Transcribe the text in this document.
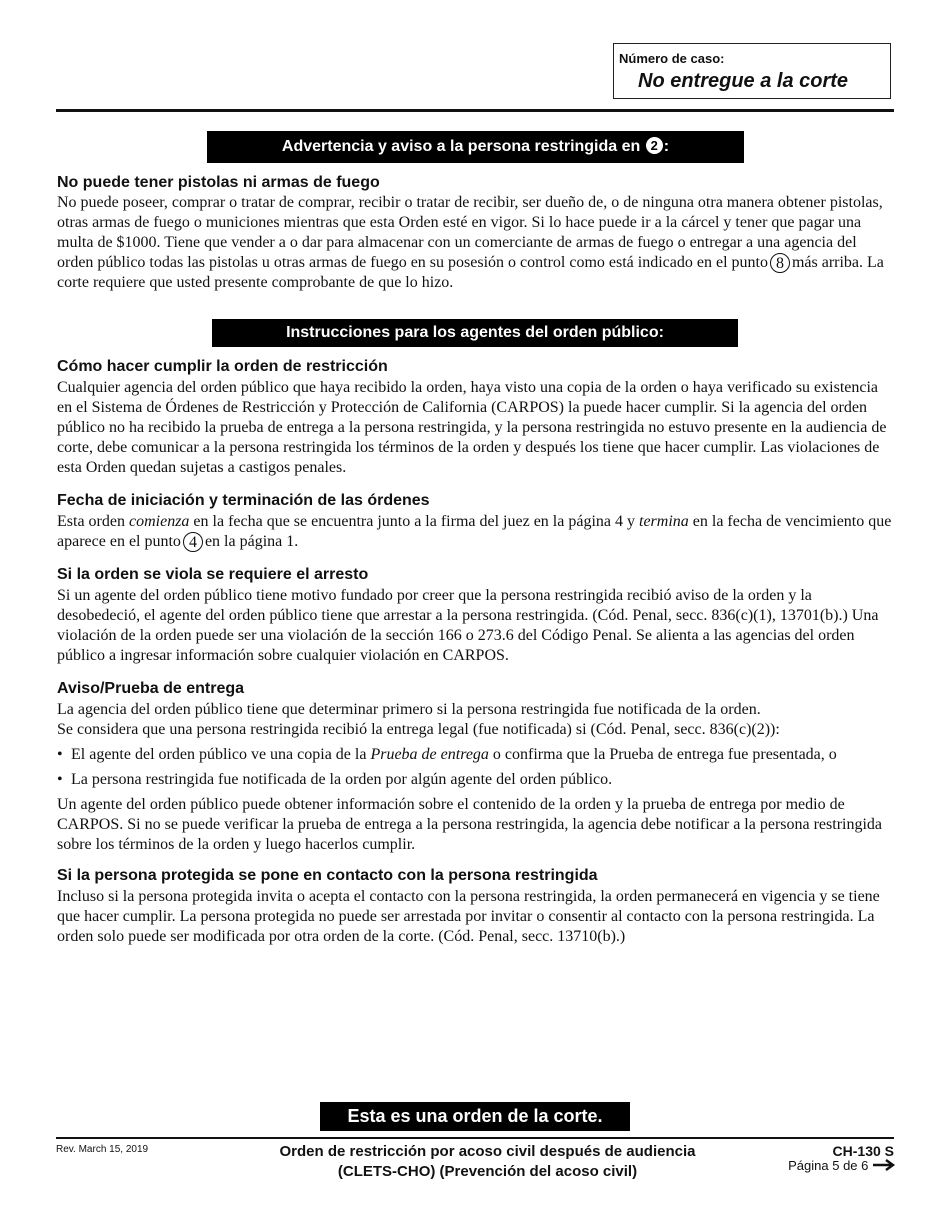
Número de caso:
No entregue a la corte
Advertencia y aviso a la persona restringida en 2 :
No puede tener pistolas ni armas de fuego
No puede poseer, comprar o tratar de comprar, recibir o tratar de recibir, ser dueño de, o de ninguna otra manera obtener pistolas, otras armas de fuego o municiones mientras que esta Orden esté en vigor. Si lo hace puede ir a la cárcel y tener que pagar una multa de $1000. Tiene que vender a o dar para almacenar con un comerciante de armas de fuego o entregar a una agencia del orden público todas las pistolas u otras armas de fuego en su posesión o control como está indicado en el punto 8 más arriba. La corte requiere que usted presente comprobante de que lo hizo.
Instrucciones para los agentes del orden público:
Cómo hacer cumplir la orden de restricción
Cualquier agencia del orden público que haya recibido la orden, haya visto una copia de la orden o haya verificado su existencia en el Sistema de Órdenes de Restricción y Protección de California (CARPOS) la puede hacer cumplir. Si la agencia del orden público no ha recibido la prueba de entrega a la persona restringida, y la persona restringida no estuvo presente en la audiencia de corte, debe comunicar a la persona restringida los términos de la orden y después los tiene que hacer cumplir. Las violaciones de esta Orden quedan sujetas a castigos penales.
Fecha de iniciación y terminación de las órdenes
Esta orden comienza en la fecha que se encuentra junto a la firma del juez en la página 4 y termina en la fecha de vencimiento que aparece en el punto 4 en la página 1.
Si la orden se viola se requiere el arresto
Si un agente del orden público tiene motivo fundado por creer que la persona restringida recibió aviso de la orden y la desobedeció, el agente del orden público tiene que arrestar a la persona restringida. (Cód. Penal, secc. 836(c)(1), 13701(b).) Una violación de la orden puede ser una violación de la sección 166 o 273.6 del Código Penal. Se alienta a las agencias del orden público a ingresar información sobre cualquier violación en CARPOS.
Aviso/Prueba de entrega
La agencia del orden público tiene que determinar primero si la persona restringida fue notificada de la orden.
Se considera que una persona restringida recibió la entrega legal (fue notificada) si (Cód. Penal, secc. 836(c)(2)):
• El agente del orden público ve una copia de la Prueba de entrega o confirma que la Prueba de entrega fue presentada, o
• La persona restringida fue notificada de la orden por algún agente del orden público.
Un agente del orden público puede obtener información sobre el contenido de la orden y la prueba de entrega por medio de CARPOS. Si no se puede verificar la prueba de entrega a la persona restringida, la agencia debe notificar a la persona restringida sobre los términos de la orden y luego hacerlos cumplir.
Si la persona protegida se pone en contacto con la persona restringida
Incluso si la persona protegida invita o acepta el contacto con la persona restringida, la orden permanecerá en vigencia y se tiene que hacer cumplir. La persona protegida no puede ser arrestada por invitar o consentir al contacto con la persona restringida. La orden solo puede ser modificada por otra orden de la corte. (Cód. Penal, secc. 13710(b).)
Esta es una orden de la corte.
Rev. March 15, 2019	Orden de restricción por acoso civil después de audiencia
(CLETS-CHO) (Prevención del acoso civil)
CH-130 S
Página 5 de 6
